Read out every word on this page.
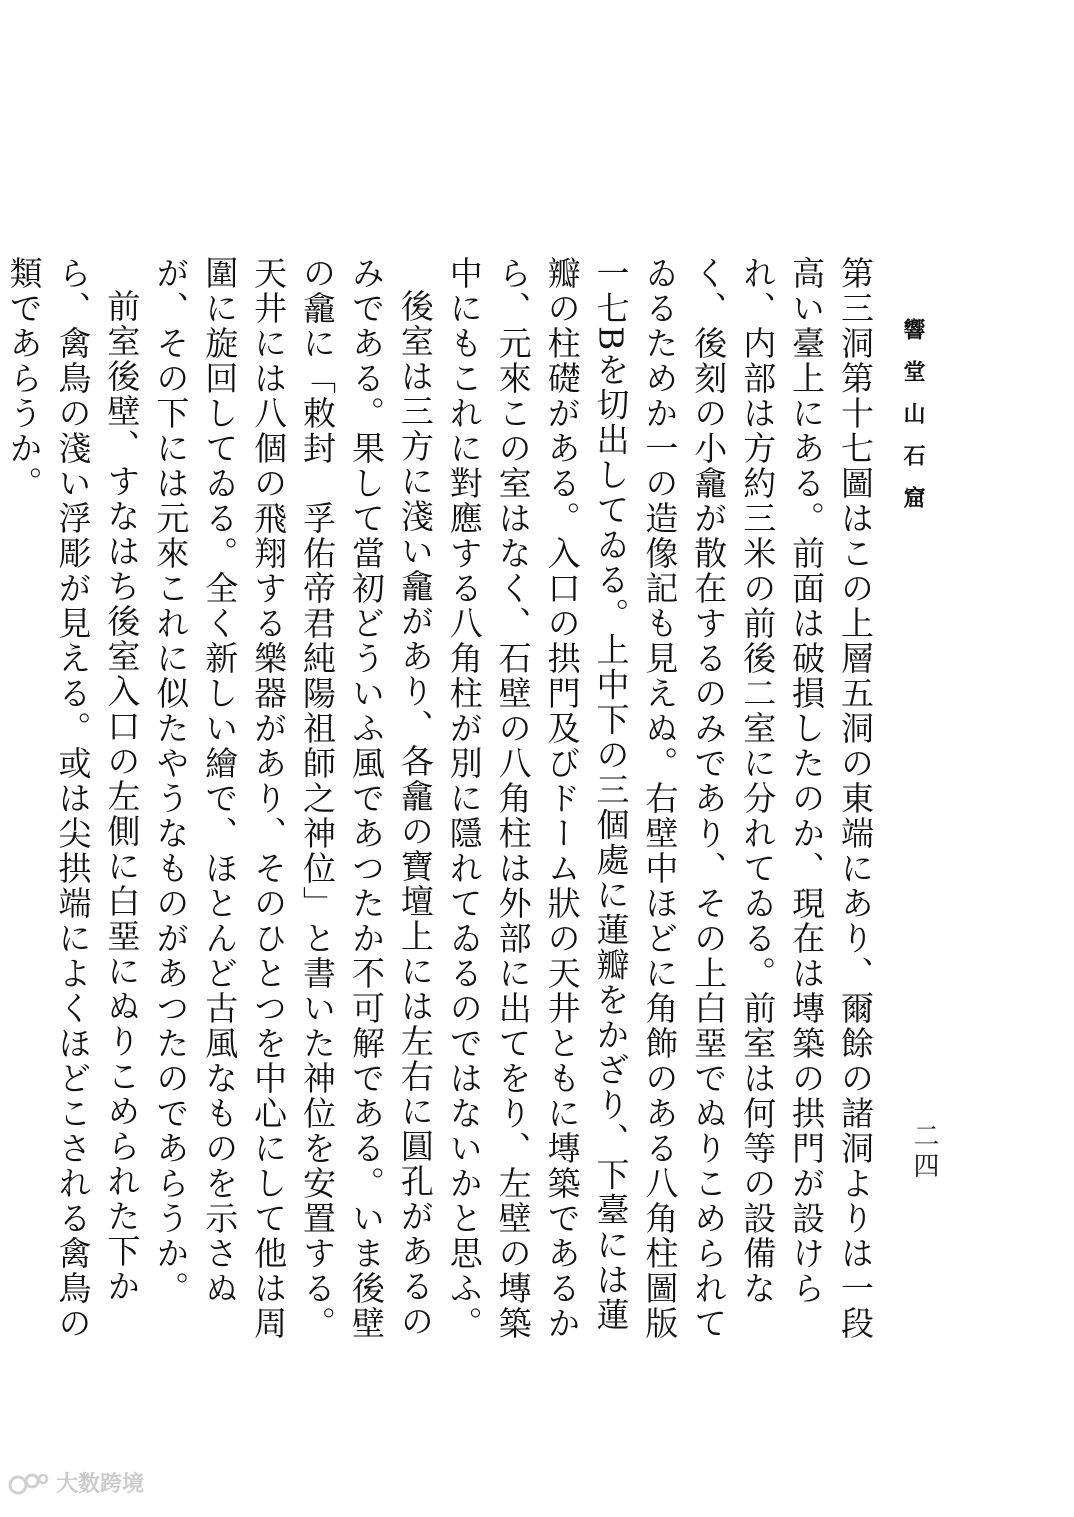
響堂山石窟
二四

第三洞第十七圖はこの上層五洞の東端にあり、爾餘の諸洞よりは一段高い臺上にある。前面は破損したのか、現在は塼築の拱門が設けられ、内部は方約三米の前後二室に分れてゐる。前室は何等の設備なく、後刻の小龕が散在するのみであり、その上白堊でぬりこめられてゐるためか一の造像記も見えぬ。右壁中ほどに角飾のある八角柱圖版一七Bを切出してゐる。上中下の三個處に蓮瓣をかざり、下臺には蓮瓣の柱礎がある。入口の拱門及びドーム狀の天井ともに塼築であるから、元來この室はなく、石壁の八角柱は外部に出てをり、左壁の塼築中にもこれに對應する八角柱が別に隱れてゐるのではないかと思ふ。

後室は三方に淺い龕があり、各龕の寶壇上には左右に圓孔があるのみである。果して當初どういふ風であつたか不可解である。いま後壁の龕に「敕封　孚佑帝君純陽祖師之神位」と書いた神位を安置する。天井には八個の飛翔する樂器があり、そのひとつを中心にして他は周圍に旋回してゐる。全く新しい繪で、ほとんど古風なものを示さぬが、その下には元來これに似たやうなものがあつたのであらうか。

前室後壁、すなはち後室入口の左側に白堊にぬりこめられた下から、禽鳥の淺い浮彫が見える。或は尖拱端によくほどこされる禽鳥の類であらうか。

大数跨境
